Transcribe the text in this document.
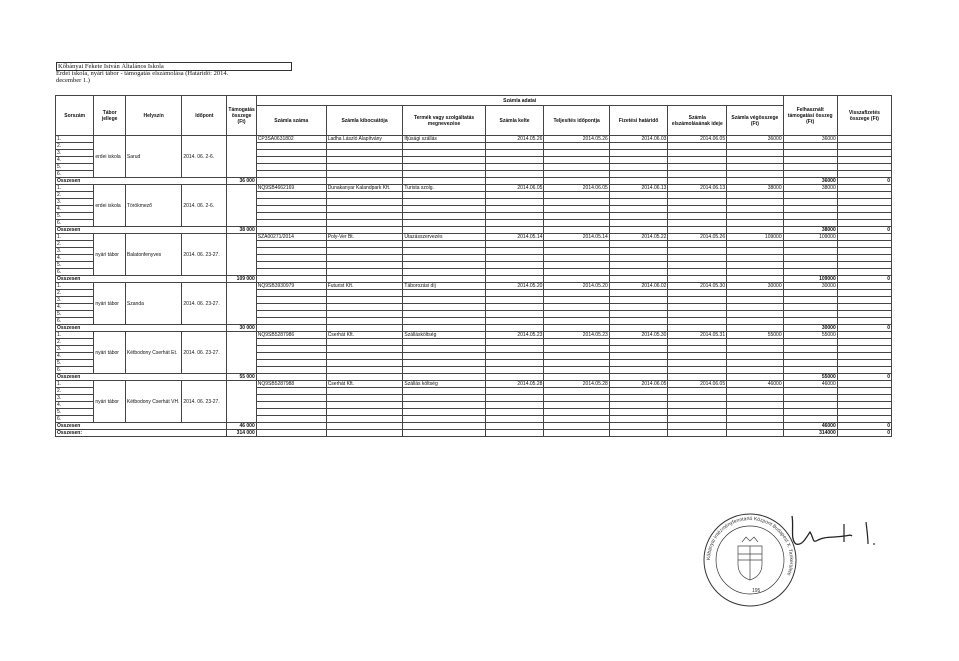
Kőbányai Fekete István Általános Iskola
Erdei iskola, nyári tábor - támogatás elszámolása (Határidő: 2014.
december 1.)
Sorszám	Tábor jellege	Helyszín	Időpont	Támogatás összege (Ft)	Számla adatai								Felhasznált támogatási összeg (Ft)	Visszafizetés összege (Ft)
					Számla száma	Számla kibocsátója	Termék vagy szolgáltatás megnevezése	Számla kelte	Teljesítés időpontja	Fizetési határidő	Számla elszámolásának ideje	Számla végösszege (Ft)		
1.	erdei iskola	Sarud	2014. 06. 2-6.		CP3SA0631802	Ladha László Alapítvány	Ifjúsági szállás	2014.05.26	2014.05.26	2014.06.03	2014.06.05	36000	36000	
2.														
3.														
4.														
5.														
6.														
Összesen				36 000									36000	0
1.	erdei iskola	Törökmező	2014. 06. 2-6.		NQ9SB4662169	Dunakanyar Kalandpark Kft.	Turista szolg.	2014.06.05	2014.06.05	2014.06.13	2014.06.13	38000	38000	
2.														
3.														
4.														
5.														
6.														
Összesen				38 000									38000	0
1.	nyári tábor	Balatonfenyves	2014. 06. 23-27.		SZA00271/2014	Poly-Ver Bt.	Utazásszervezés	2014.05.14	2014.05.14	2014.05.22	2014.05.26	109000	109000	
2.														
3.														
4.														
5.														
6.														
Összesen				109 000									109000	0
1.	nyári tábor	Szanda	2014. 06. 23-27.		NQ9SB3930979	Futurist Kft.	Táborozási díj	2014.05.20	2014.05.20	2014.06.02	2014.05.30	30000	30000	
2.														
3.														
4.														
5.														
6.														
Összesen				30 000									30000	0
1.	nyári tábor	Kétbodony Cserhát Et.	2014. 06. 23-27.		NQ9SB5287986	Cserhát Kft.	Szállásköltség	2014.05.23	2014.05.23	2014.05.30	2014.05.31	55000	55000	
2.														
3.														
4.														
5.														
6.														
Összesen				55 000									55000	0
1.	nyári tábor	Kétbodony Cserhát VH.	2014. 06. 23-27.		NQ9SB5287988	Cserhát Kft.	Szállás költség	2014.05.28	2014.05.28	2014.06.05	2014.06.05	46000	46000	
2.														
3.														
4.														
5.														
6.														
Összesen				46 000									46000	0
Összesen:				314 000									314000	0
Kőbányai Intézményfenntartó Központ Budapest X. Tankerülete
195
